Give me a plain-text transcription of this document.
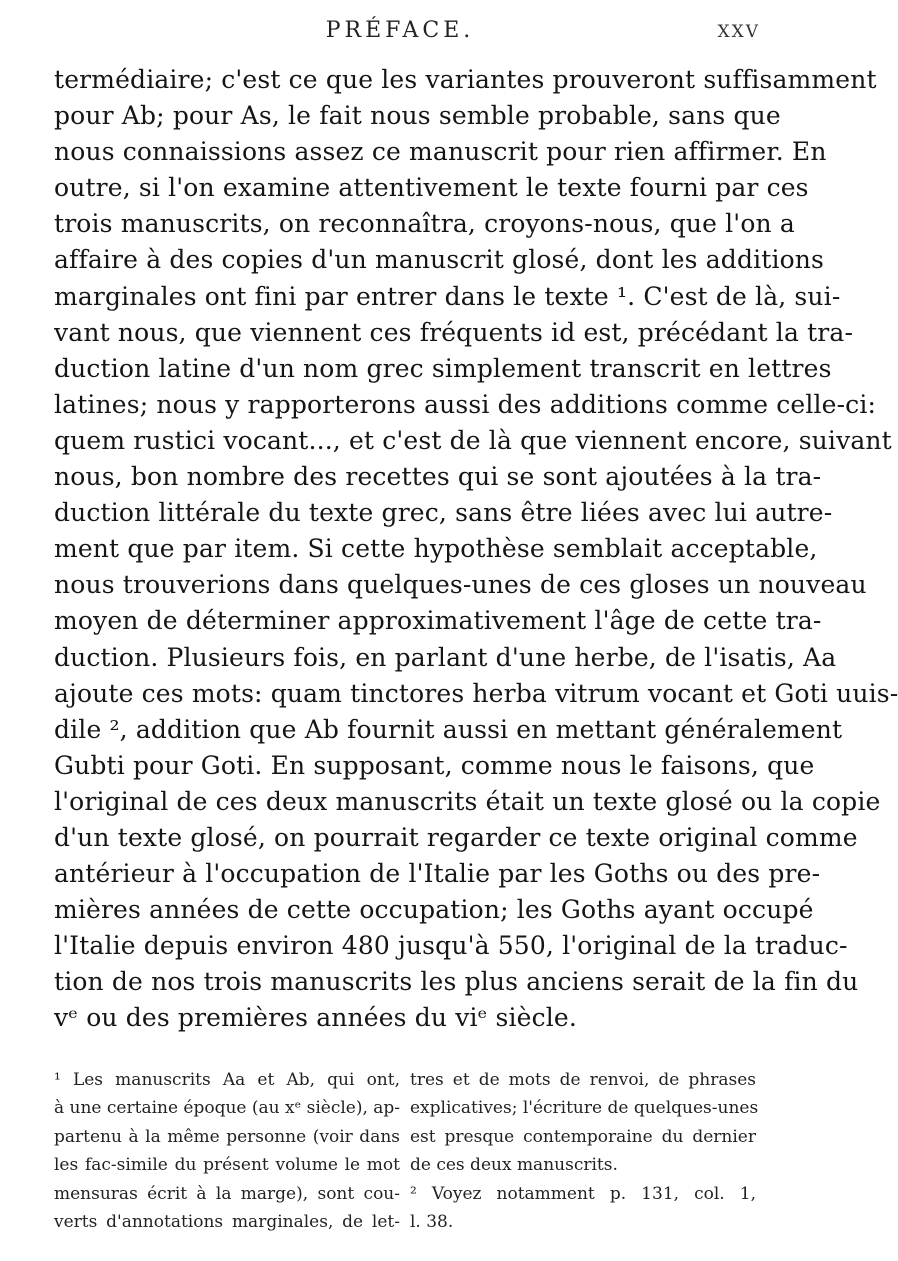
PRÉFACE.	XXV
termédiaire; c'est ce que les variantes prouveront suffisamment
pour Ab; pour As, le fait nous semble probable, sans que
nous connaissions assez ce manuscrit pour rien affirmer. En
outre, si l'on examine attentivement le texte fourni par ces
trois manuscrits, on reconnaîtra, croyons-nous, que l'on a
affaire à des copies d'un manuscrit glosé, dont les additions
marginales ont fini par entrer dans le texte ¹. C'est de là, sui-
vant nous, que viennent ces fréquents id est, précédant la tra-
duction latine d'un nom grec simplement transcrit en lettres
latines; nous y rapporterons aussi des additions comme celle-ci:
quem rustici vocant..., et c'est de là que viennent encore, suivant
nous, bon nombre des recettes qui se sont ajoutées à la tra-
duction littérale du texte grec, sans être liées avec lui autre-
ment que par item. Si cette hypothèse semblait acceptable,
nous trouverions dans quelques-unes de ces gloses un nouveau
moyen de déterminer approximativement l'âge de cette tra-
duction. Plusieurs fois, en parlant d'une herbe, de l'isatis, Aa
ajoute ces mots: quam tinctores herba vitrum vocant et Goti uuis-
dile ², addition que Ab fournit aussi en mettant généralement
Gubti pour Goti. En supposant, comme nous le faisons, que
l'original de ces deux manuscrits était un texte glosé ou la copie
d'un texte glosé, on pourrait regarder ce texte original comme
antérieur à l'occupation de l'Italie par les Goths ou des pre-
mières années de cette occupation; les Goths ayant occupé
l'Italie depuis environ 480 jusqu'à 550, l'original de la traduc-
tion de nos trois manuscrits les plus anciens serait de la fin du
vᵉ ou des premières années du viᵉ siècle.
¹ Les manuscrits Aa et Ab, qui ont,
à une certaine époque (au xᵉ siècle), ap-
partenu à la même personne (voir dans
les fac-simile du présent volume le mot
mensuras écrit à la marge), sont cou-
verts d'annotations marginales, de let-
tres et de mots de renvoi, de phrases
explicatives; l'écriture de quelques-unes
est presque contemporaine du dernier
de ces deux manuscrits.
² Voyez notamment p. 131, col. 1,
l. 38.
